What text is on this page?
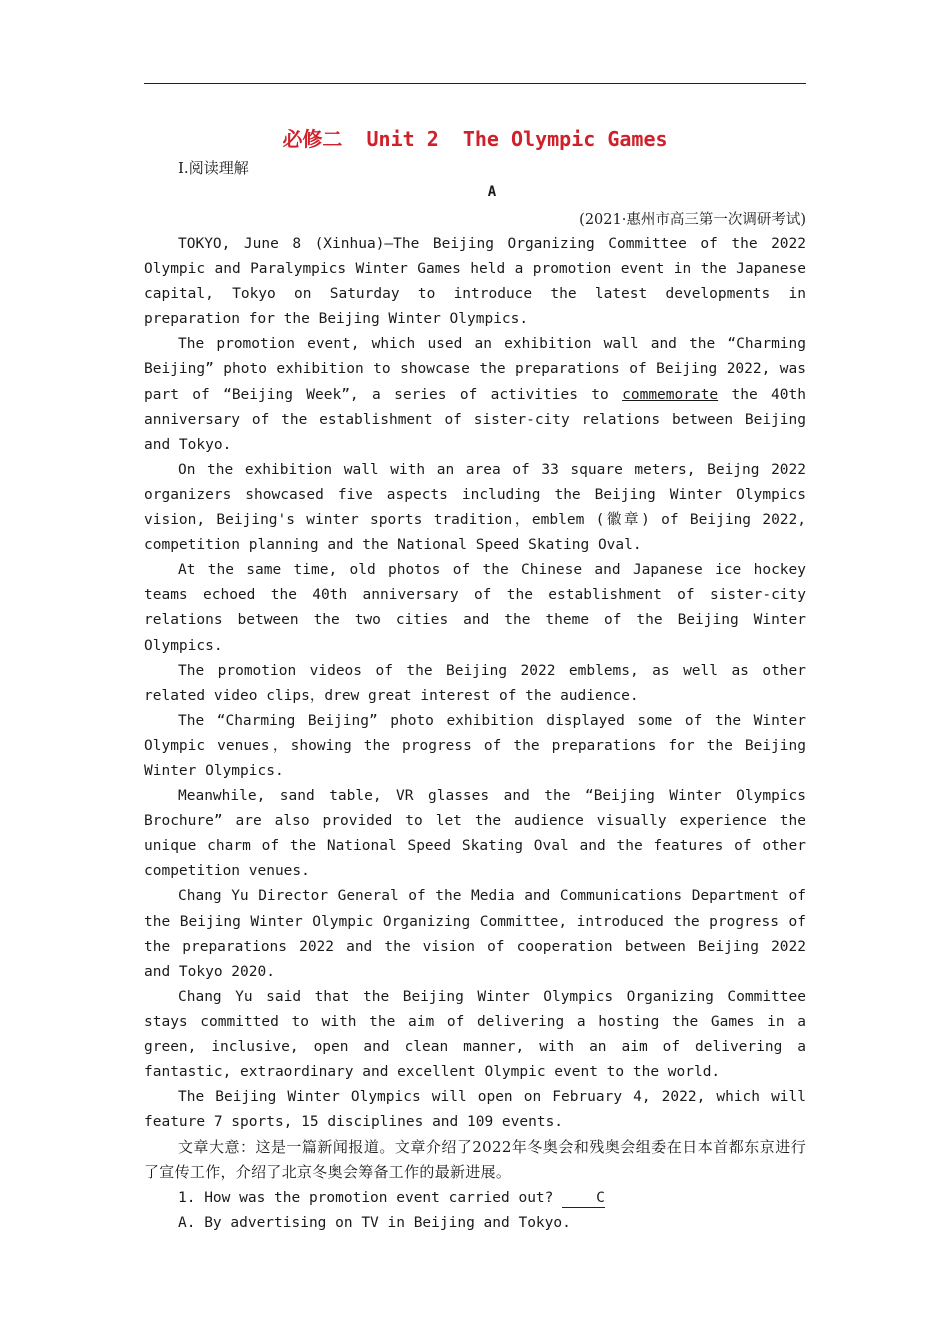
必修二  Unit 2  The Olympic Games
Ⅰ.阅读理解
A
(2021·惠州市高三第一次调研考试)

TOKYO, June 8 (Xinhua)—The Beijing Organizing Committee of the 2022 Olympic and Paralympics Winter Games held a promotion event in the Japanese capital, Tokyo on Saturday to introduce the latest developments in preparation for the Beijing Winter Olympics.

The promotion event, which used an exhibition wall and the “Charming Beijing” photo exhibition to showcase the preparations of Beijing 2022, was part of “Beijing Week”, a series of activities to commemorate the 40th anniversary of the establishment of sister-city relations between Beijing and Tokyo.

On the exhibition wall with an area of 33 square meters, Beijng 2022 organizers showcased five aspects including the Beijing Winter Olympics vision, Beijing's winter sports tradition，emblem (徽章) of Beijing 2022, competition planning and the National Speed Skating Oval.

At the same time, old photos of the Chinese and Japanese ice hockey teams echoed the 40th anniversary of the establishment of sister-city relations between the two cities and the theme of the Beijing Winter Olympics.

The promotion videos of the Beijing 2022 emblems, as well as other related video clips，drew great interest of the audience.

The “Charming Beijing” photo exhibition displayed some of the Winter Olympic venues，showing the progress of the preparations for the Beijing Winter Olympics.

Meanwhile, sand table, VR glasses and the “Beijing Winter Olympics Brochure” are also provided to let the audience visually experience the unique charm of the National Speed Skating Oval and the features of other competition venues.

Chang Yu Director General of the Media and Communications Department of the Beijing Winter Olympic Organizing Committee, introduced the progress of the preparations 2022 and the vision of cooperation between Beijing 2022 and Tokyo 2020.

Chang Yu said that the Beijing Winter Olympics Organizing Committee stays committed to with the aim of delivering a hosting the Games in a green, inclusive, open and clean manner, with an aim of delivering a fantastic, extraordinary and excellent Olympic event to the world.

The Beijing Winter Olympics will open on February 4, 2022, which will feature 7 sports, 15 disciplines and 109 events.

文章大意：这是一篇新闻报道。文章介绍了2022年冬奥会和残奥会组委在日本首都东京进行了宣传工作，介绍了北京冬奥会筹备工作的最新进展。

1. How was the promotion event carried out? C

A. By advertising on TV in Beijing and Tokyo.
